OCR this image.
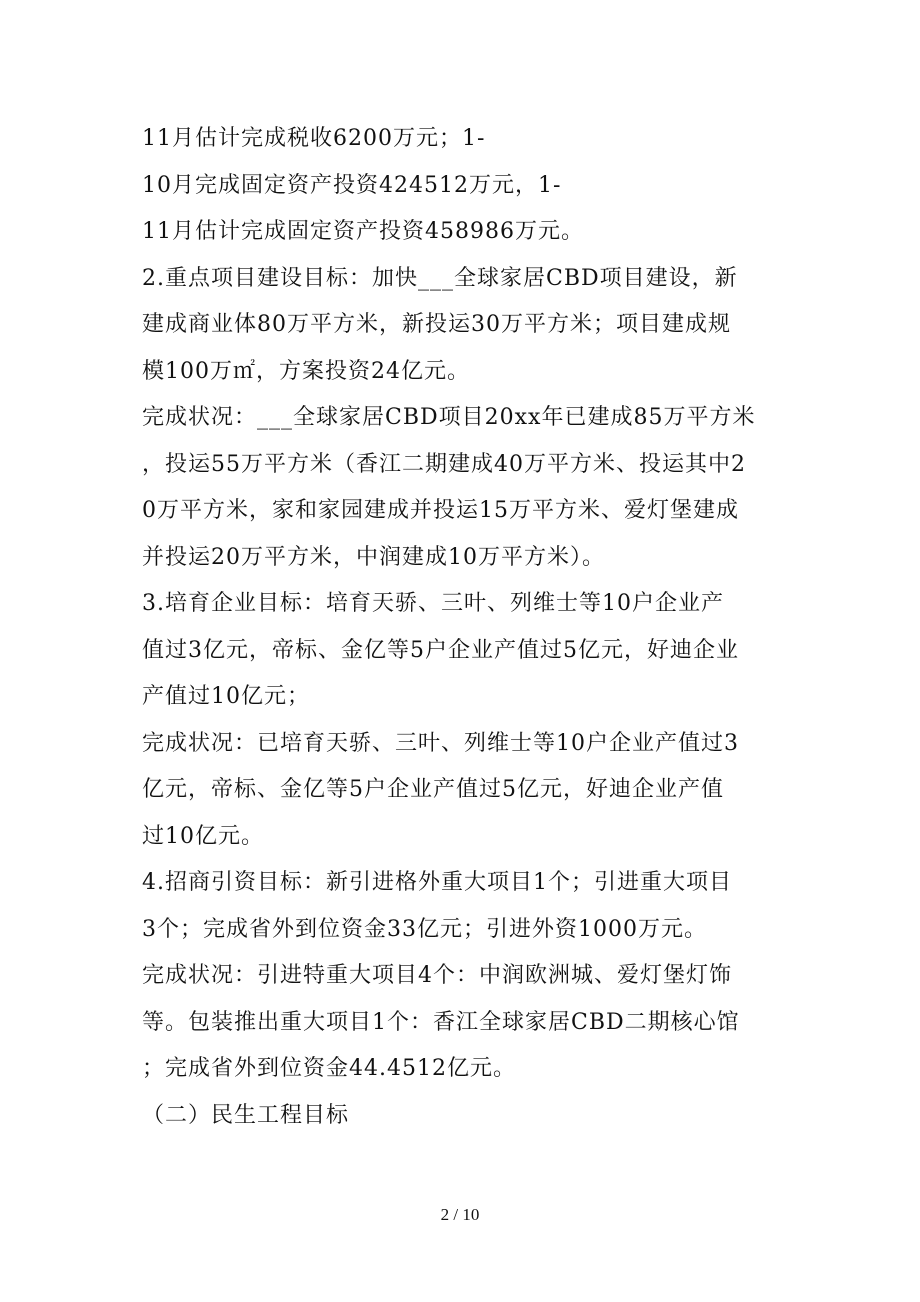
11月估计完成税收6200万元；1-
10月完成固定资产投资424512万元，1-
11月估计完成固定资产投资458986万元。
2.重点项目建设目标：加快___全球家居CBD项目建设，新
建成商业体80万平方米，新投运30万平方米；项目建成规
模100万㎡，方案投资24亿元。
完成状况：___全球家居CBD项目20xx年已建成85万平方米
，投运55万平方米（香江二期建成40万平方米、投运其中2
0万平方米，家和家园建成并投运15万平方米、爱灯堡建成
并投运20万平方米，中润建成10万平方米）。
3.培育企业目标：培育天骄、三叶、列维士等10户企业产
值过3亿元，帝标、金亿等5户企业产值过5亿元，好迪企业
产值过10亿元；
完成状况：已培育天骄、三叶、列维士等10户企业产值过3
亿元，帝标、金亿等5户企业产值过5亿元，好迪企业产值
过10亿元。
4.招商引资目标：新引进格外重大项目1个；引进重大项目
3个；完成省外到位资金33亿元；引进外资1000万元。
完成状况：引进特重大项目4个：中润欧洲城、爱灯堡灯饰
等。包装推出重大项目1个：香江全球家居CBD二期核心馆
；完成省外到位资金44.4512亿元。
（二）民生工程目标
2 / 10
